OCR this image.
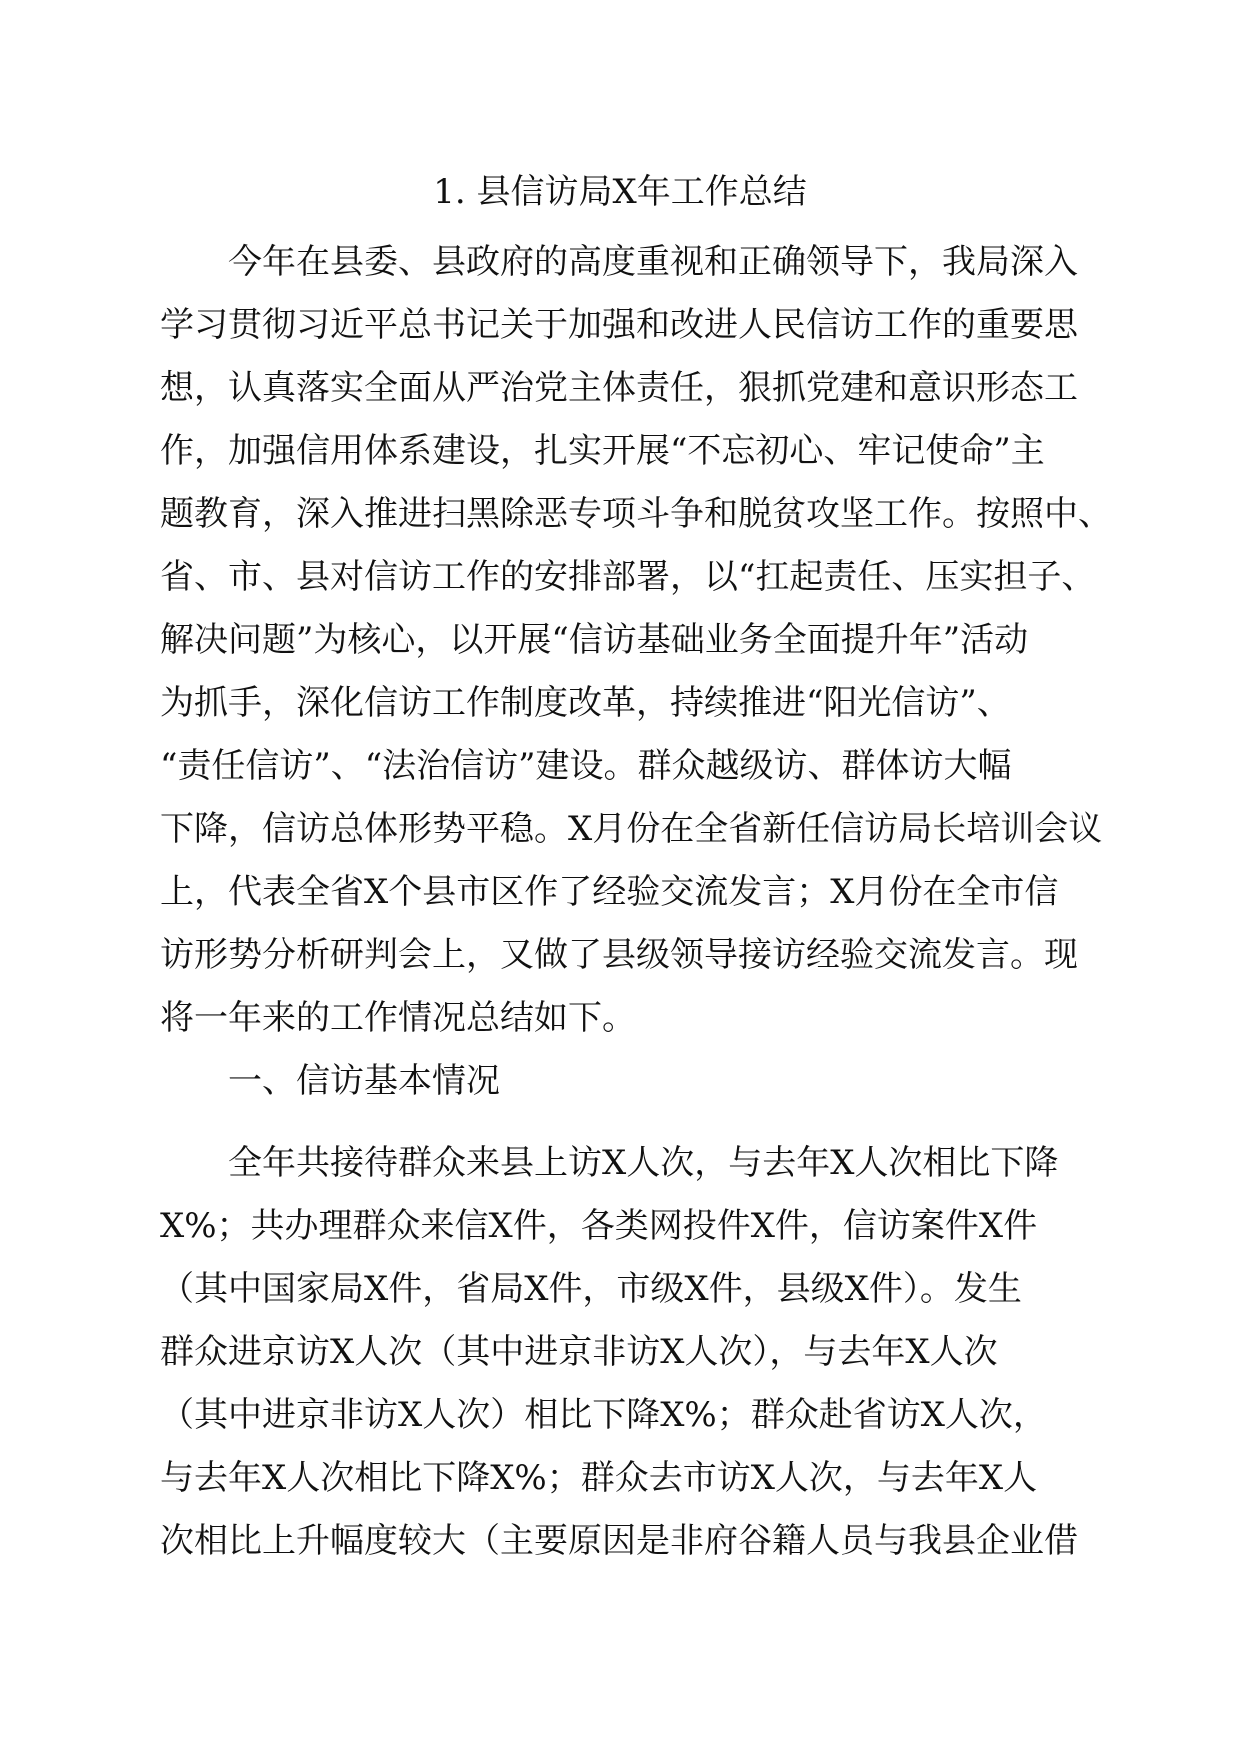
1. 县信访局X年工作总结
今年在县委、县政府的高度重视和正确领导下，我局深入
学习贯彻习近平总书记关于加强和改进人民信访工作的重要思
想，认真落实全面从严治党主体责任，狠抓党建和意识形态工
作，加强信用体系建设，扎实开展“不忘初心、牢记使命”主
题教育，深入推进扫黑除恶专项斗争和脱贫攻坚工作。按照中、
省、市、县对信访工作的安排部署，以“扛起责任、压实担子、
解决问题”为核心，以开展“信访基础业务全面提升年”活动
为抓手，深化信访工作制度改革，持续推进“阳光信访”、
“责任信访”、“法治信访”建设。群众越级访、群体访大幅
下降，信访总体形势平稳。X月份在全省新任信访局长培训会议
上，代表全省X个县市区作了经验交流发言；X月份在全市信
访形势分析研判会上，又做了县级领导接访经验交流发言。现
将一年来的工作情况总结如下。
一、信访基本情况
全年共接待群众来县上访X人次，与去年X人次相比下降
X%；共办理群众来信X件，各类网投件X件，信访案件X件
（其中国家局X件，省局X件，市级X件，县级X件）。发生
群众进京访X人次（其中进京非访X人次），与去年X人次
（其中进京非访X人次）相比下降X%；群众赴省访X人次，
与去年X人次相比下降X%；群众去市访X人次，与去年X人
次相比上升幅度较大（主要原因是非府谷籍人员与我县企业借
